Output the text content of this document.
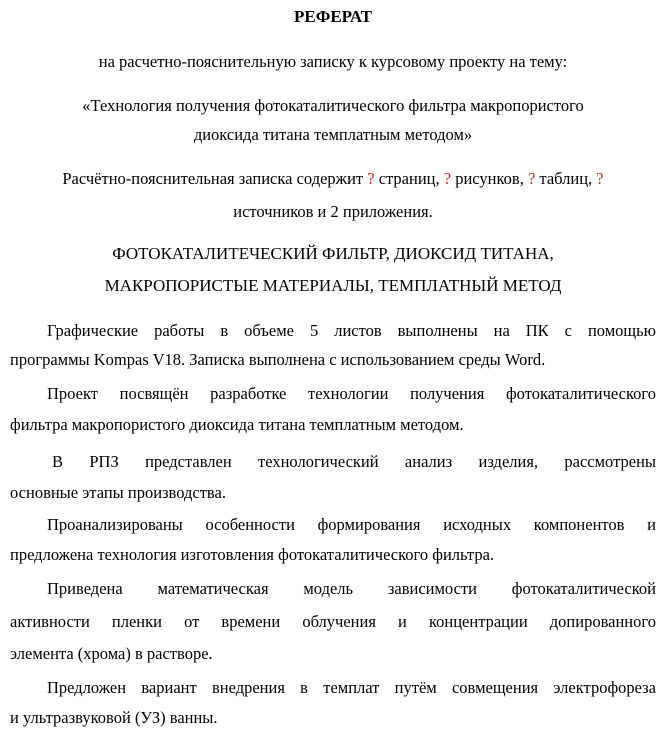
РЕФЕРАТ
на расчетно-пояснительную записку к курсовому проекту на тему:
«Технология получения фотокаталитического фильтра макропористого
диоксида титана темплатным методом»
Расчётно-пояснительная записка содержит ? страниц, ? рисунков, ? таблиц, ?
источников и 2 приложения.
ФОТОКАТАЛИТЕЧЕСКИЙ ФИЛЬТР, ДИОКСИД ТИТАНА,
МАКРОПОРИСТЫЕ МАТЕРИАЛЫ, ТЕМПЛАТНЫЙ МЕТОД
Графические работы в объеме 5 листов выполнены на ПК с помощью
программы Kompas V18. Записка выполнена с использованием среды Word.
Проект посвящён разработке технологии получения фотокаталитического
фильтра макропористого диоксида титана темплатным методом.
В РПЗ представлен технологический анализ изделия, рассмотрены
основные этапы производства.
Проанализированы особенности формирования исходных компонентов и
предложена технология изготовления фотокаталитического фильтра.
Приведена математическая модель зависимости фотокаталитической
активности пленки от времени облучения и концентрации допированного
элемента (хрома) в растворе.
Предложен вариант внедрения в темплат путём совмещения электрофореза
и ультразвуковой (УЗ) ванны.
